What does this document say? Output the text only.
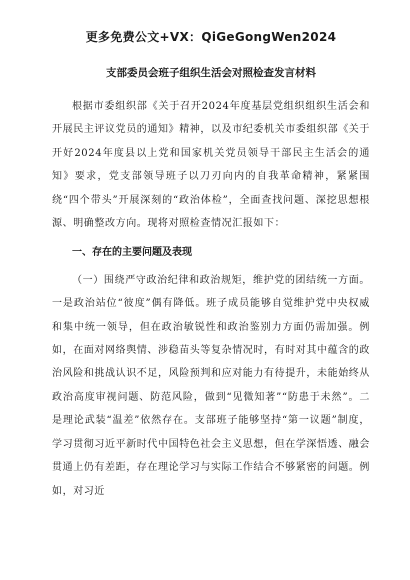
更多免费公文+VX：QiGeGongWen2024
支部委员会班子组织生活会对照检查发言材料

根据市委组织部《关于召开2024年度基层党组织组织生活会和开展民主评议党员的通知》精神，以及市纪委机关市委组织部《关于开好2024年度县以上党和国家机关党员领导干部民主生活会的通知》要求，党支部领导班子以刀刃向内的自我革命精神，紧紧围绕“四个带头”开展深刻的“政治体检”，全面查找问题、深挖思想根源、明确整改方向。现将对照检查情况汇报如下：

一、存在的主要问题及表现

（一）围绕严守政治纪律和政治规矩，维护党的团结统一方面。一是政治站位“彼度”偶有降低。班子成员能够自觉维护党中央权威和集中统一领导，但在政治敏锐性和政治鉴别力方面仍需加强。例如，在面对网络舆情、涉稳苗头等复杂情况时，有时对其中蕴含的政治风险和挑战认识不足，风险预判和应对能力有待提升，未能始终从政治高度审视问题、防范风险，做到“见微知著”“防患于未然”。二是理论武装“温差”依然存在。支部班子能够坚持“第一议题”制度，学习贯彻习近平新时代中国特色社会主义思想，但在学深悟透、融会贯通上仍有差距，存在理论学习与实际工作结合不够紧密的问题。例如，对习近
